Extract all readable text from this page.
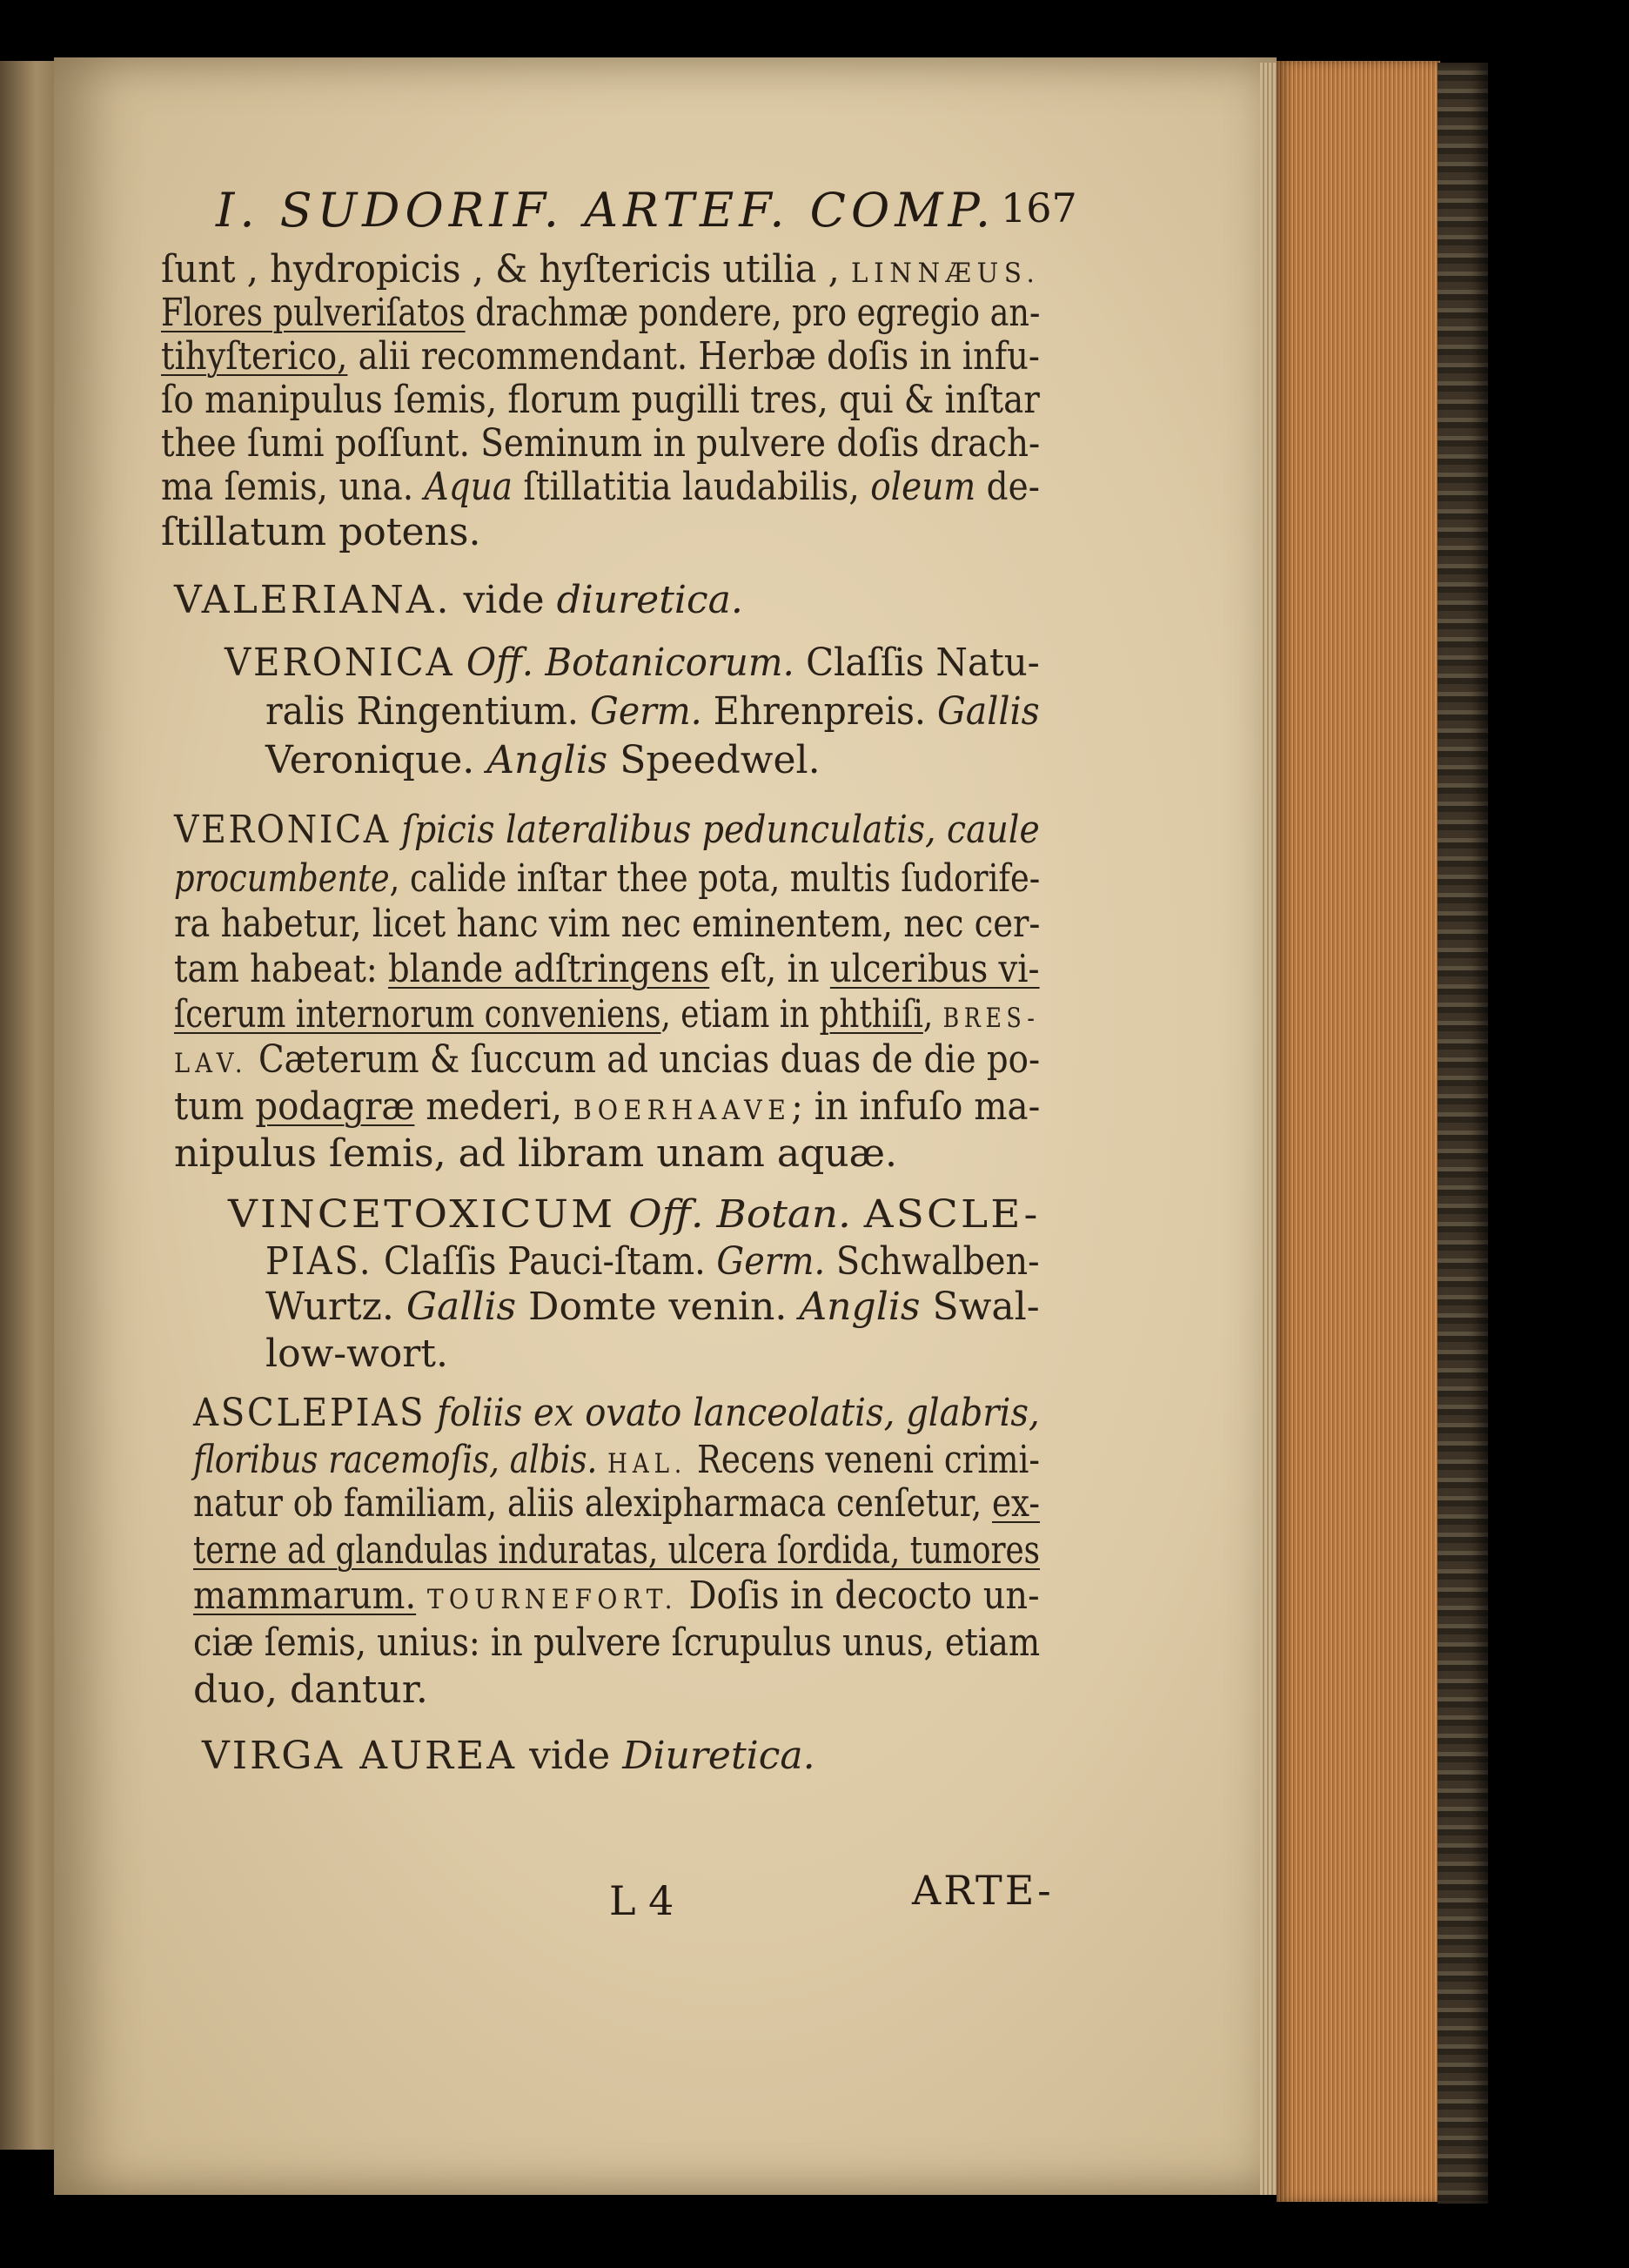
I. SUDORIF. ARTEF. COMP. 167
ſunt , hydropicis , & hyſtericis utilia , LINNÆUS.
Flores pulveriſatos drachmæ pondere, pro egregio an-
tihyſterico, alii recommendant. Herbæ doſis in infu-
ſo manipulus ſemis, florum pugilli tres, qui & inſtar
thee ſumi poſſunt. Seminum in pulvere doſis drach-
ma ſemis, una. Aqua ſtillatitia laudabilis, oleum de-
ſtillatum potens.
VALERIANA. vide diuretica.
VERONICA Off. Botanicorum. Claſſis Natu-
ralis Ringentium. Germ. Ehrenpreis. Gallis
Veronique. Anglis Speedwel.
VERONICA ſpicis lateralibus pedunculatis, caule
procumbente, calide inſtar thee pota, multis ſudorife-
ra habetur, licet hanc vim nec eminentem, nec cer-
tam habeat: blande adſtringens eſt, in ulceribus vi-
ſcerum internorum conveniens, etiam in phthiſi, BRES-
LAV. Cæterum & ſuccum ad uncias duas de die po-
tum podagræ mederi, BOERHAAVE; in infuſo ma-
nipulus ſemis, ad libram unam aquæ.
VINCETOXICUM Off. Botan. ASCLE-
PIAS. Claſſis Pauci-ſtam. Germ. Schwalben-
Wurtz. Gallis Domte venin. Anglis Swal-
low-wort.
ASCLEPIAS foliis ex ovato lanceolatis, glabris,
floribus racemoſis, albis. HAL. Recens veneni crimi-
natur ob familiam, aliis alexipharmaca cenſetur, ex-
terne ad glandulas induratas, ulcera ſordida, tumores
mammarum. TOURNEFORT. Doſis in decocto un-
ciæ ſemis, unius: in pulvere ſcrupulus unus, etiam
duo, dantur.
VIRGA AUREA vide Diuretica.
L 4	ARTE-
